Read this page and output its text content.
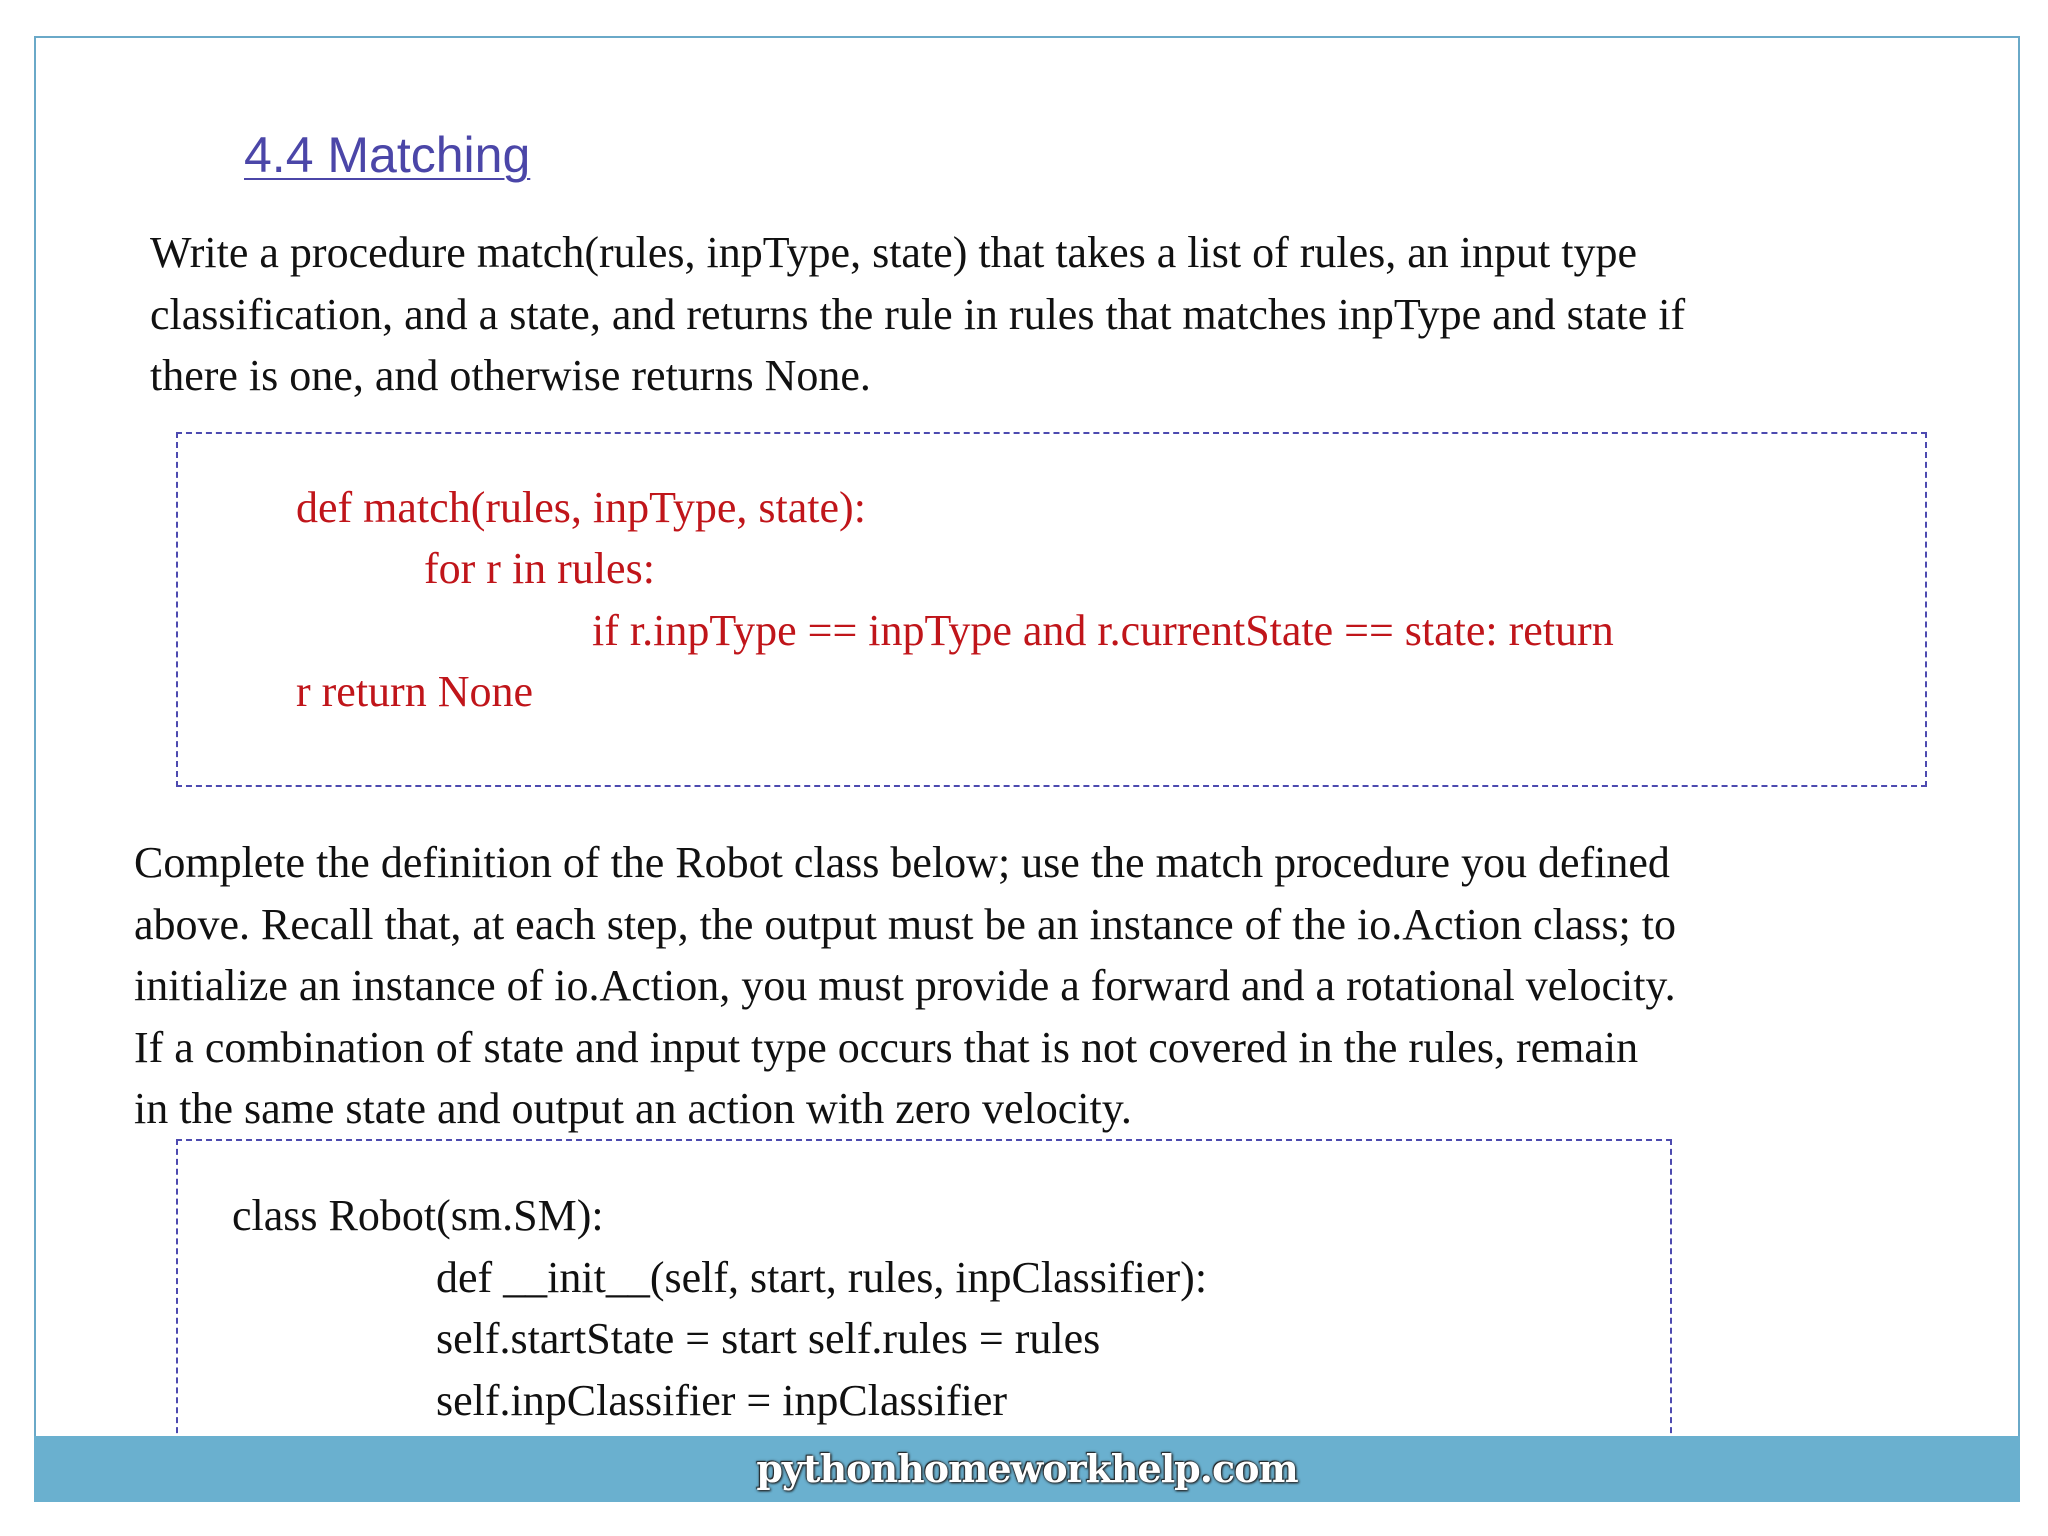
4.4 Matching
Write a procedure match(rules, inpType, state) that takes a list of rules, an input type
classification, and a state, and returns the rule in rules that matches inpType and state if
there is one, and otherwise returns None.
def match(rules, inpType, state):
for r in rules:
if r.inpType == inpType and r.currentState == state: return
r return None
Complete the definition of the Robot class below; use the match procedure you defined
above. Recall that, at each step, the output must be an instance of the io.Action class; to
initialize an instance of io.Action, you must provide a forward and a rotational velocity.
If a combination of state and input type occurs that is not covered in the rules, remain
in the same state and output an action with zero velocity.
class Robot(sm.SM):
def __init__(self, start, rules, inpClassifier):
self.startState = start self.rules = rules
self.inpClassifier = inpClassifier
pythonhomeworkhelp.com
